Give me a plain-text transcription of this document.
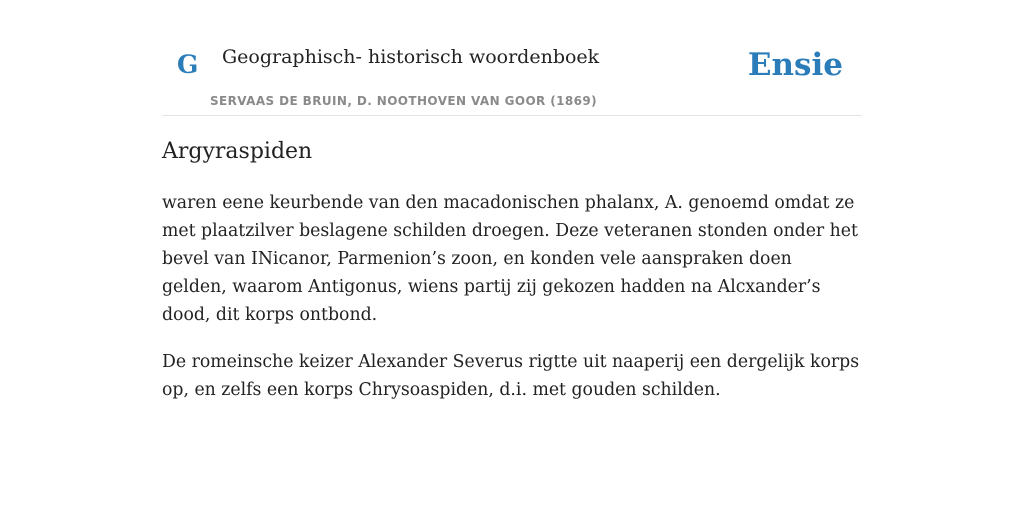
G Geographisch- historisch woordenboek
SERVAAS DE BRUIN, D. NOOTHOVEN VAN GOOR (1869)
Ensie
Argyraspiden

waren eene keurbende van den macadonischen phalanx, A. genoemd omdat ze met plaatzilver beslagene schilden droegen. Deze veteranen stonden onder het bevel van INicanor, Parmenion’s zoon, en konden vele aanspraken doen gelden, waarom Antigonus, wiens partij zij gekozen hadden na Alcxander’s dood, dit korps ontbond.

De romeinsche keizer Alexander Severus rigtte uit naaperij een dergelijk korps op, en zelfs een korps Chrysoaspiden, d.i. met gouden schilden.
